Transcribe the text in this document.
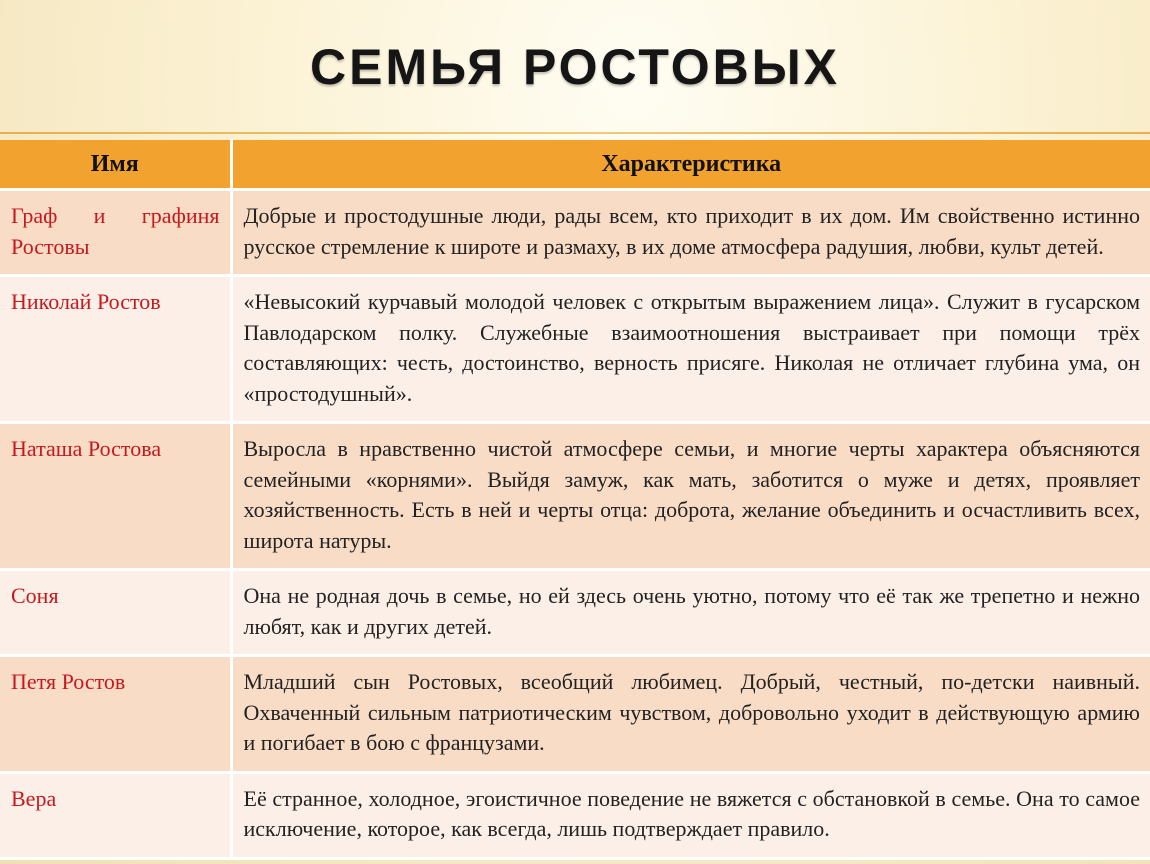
СЕМЬЯ РОСТОВЫХ
Имя	Характеристика
Граф и графиня Ростовы	Добрые и простодушные люди, рады всем, кто приходит в их дом. Им свойственно истинно русское стремление к широте и размаху, в их доме атмосфера радушия, любви, культ детей.
Николай Ростов	«Невысокий курчавый молодой человек с открытым выражением лица». Служит в гусарском Павлодарском полку. Служебные взаимоотношения выстраивает при помощи трёх составляющих: честь, достоинство, верность присяге. Николая не отличает глубина ума, он «простодушный».
Наташа Ростова	Выросла в нравственно чистой атмосфере семьи, и многие черты характера объясняются семейными «корнями». Выйдя замуж, как мать, заботится о муже и детях, проявляет хозяйственность. Есть в ней и черты отца: доброта, желание объединить и осчастливить всех, широта натуры.
Соня	Она не родная дочь в семье, но ей здесь очень уютно, потому что её так же трепетно и нежно любят, как и других детей.
Петя Ростов	Младший сын Ростовых, всеобщий любимец. Добрый, честный, по-детски наивный. Охваченный сильным патриотическим чувством, добровольно уходит в действующую армию и погибает в бою с французами.
Вера	Её странное, холодное, эгоистичное поведение не вяжется с обстановкой в семье. Она то самое исключение, которое, как всегда, лишь подтверждает правило.
